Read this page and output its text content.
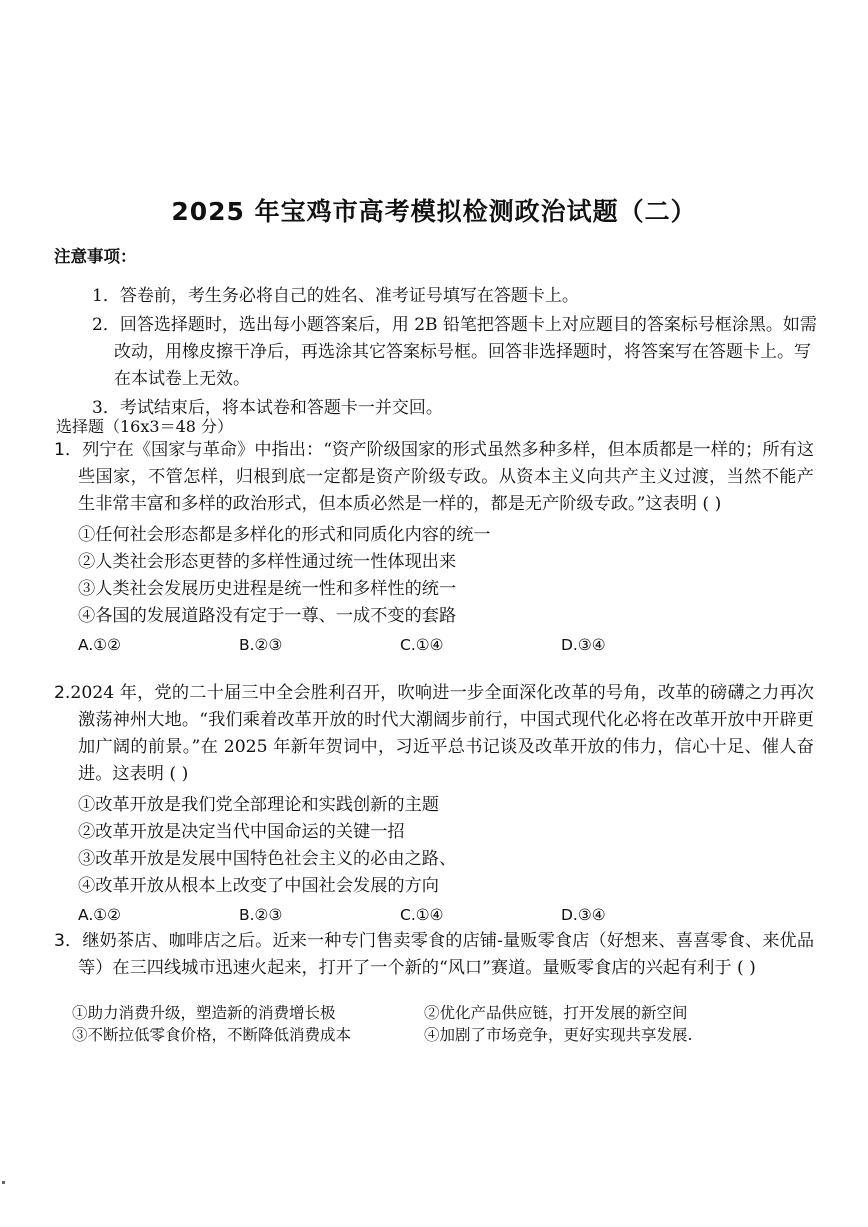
2025 年宝鸡市高考模拟检测政治试题（二）

注意事项：

1．答卷前，考生务必将自己的姓名、准考证号填写在答题卡上。
2．回答选择题时，选出每小题答案后，用 2B 铅笔把答题卡上对应题目的答案标号框涂黑。如需改动，用橡皮擦干净后，再选涂其它答案标号框。回答非选择题时，将答案写在答题卡上。写在本试卷上无效。
3．考试结束后，将本试卷和答题卡一并交回。

选择题（16x3＝48 分）

1．列宁在《国家与革命》中指出：“资产阶级国家的形式虽然多种多样，但本质都是一样的；所有这些国家，不管怎样，归根到底一定都是资产阶级专政。从资本主义向共产主义过渡，当然不能产生非常丰富和多样的政治形式，但本质必然是一样的，都是无产阶级专政。”这表明 ( )

①任何社会形态都是多样化的形式和同质化内容的统一
②人类社会形态更替的多样性通过统一性体现出来
③人类社会发展历史进程是统一性和多样性的统一
④各国的发展道路没有定于一尊、一成不变的套路
A.①②	B.②③	C.①④	D.③④

2.2024 年，党的二十届三中全会胜利召开，吹响进一步全面深化改革的号角，改革的磅礴之力再次激荡神州大地。“我们乘着改革开放的时代大潮阔步前行，中国式现代化必将在改革开放中开辟更加广阔的前景。”在 2025 年新年贺词中，习近平总书记谈及改革开放的伟力，信心十足、催人奋进。这表明 ( )

①改革开放是我们党全部理论和实践创新的主题
②改革开放是决定当代中国命运的关键一招
③改革开放是发展中国特色社会主义的必由之路、
④改革开放从根本上改变了中国社会发展的方向
A.①②	B.②③	C.①④	D.③④

3．继奶茶店、咖啡店之后。近来一种专门售卖零食的店铺-量贩零食店（好想来、喜喜零食、来优品等）在三四线城市迅速火起来，打开了一个新的“风口”赛道。量贩零食店的兴起有利于 ( )

①助力消费升级，塑造新的消费增长极	②优化产品供应链，打开发展的新空间
③不断拉低零食价格，不断降低消费成本	④加剧了市场竞争，更好实现共享发展.
